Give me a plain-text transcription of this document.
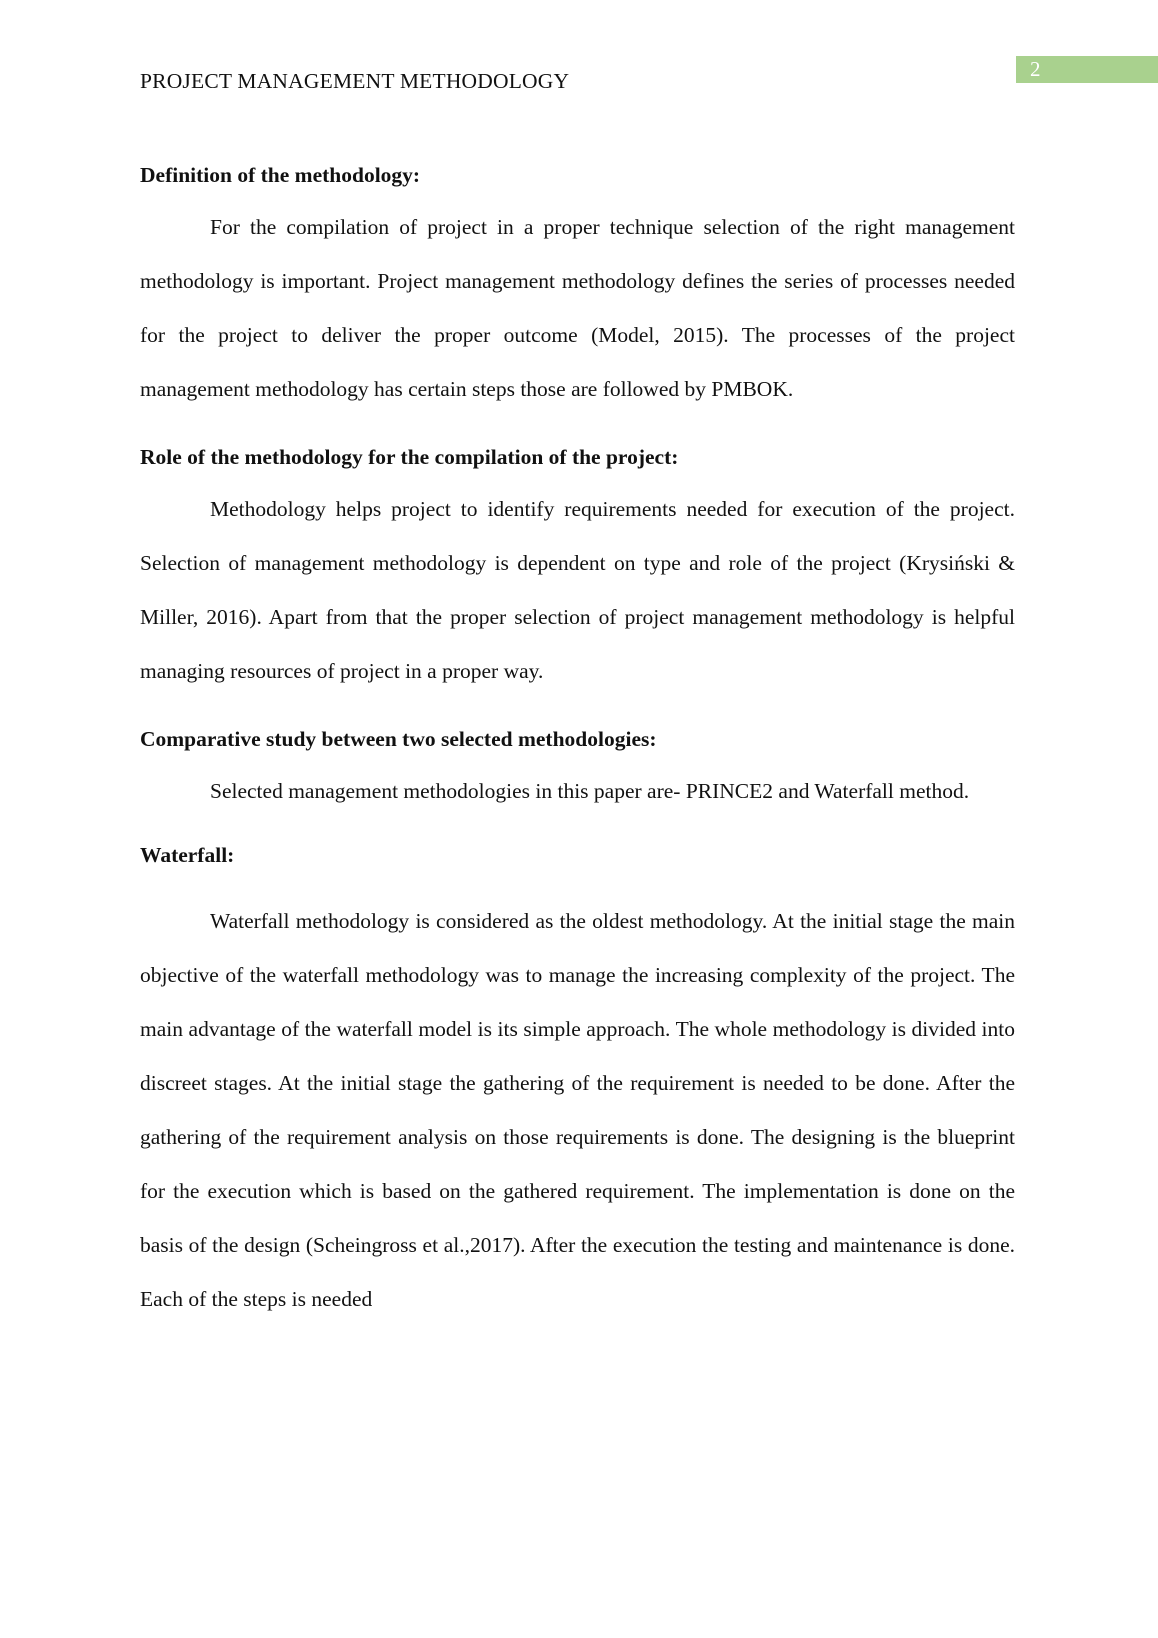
2
PROJECT MANAGEMENT METHODOLOGY

Definition of the methodology:

For the compilation of project in a proper technique selection of the right management methodology is important. Project management methodology defines the series of processes needed for the project to deliver the proper outcome (Model, 2015). The processes of the project management methodology has certain steps those are followed by PMBOK.

Role of the methodology for the compilation of the project:

Methodology helps project to identify requirements needed for execution of the project. Selection of management methodology is dependent on type and role of the project (Krysiński & Miller, 2016). Apart from that the proper selection of project management methodology is helpful managing resources of project in a proper way.

Comparative study between two selected methodologies:

Selected management methodologies in this paper are- PRINCE2 and Waterfall method.

Waterfall:

Waterfall methodology is considered as the oldest methodology. At the initial stage the main objective of the waterfall methodology was to manage the increasing complexity of the project. The main advantage of the waterfall model is its simple approach. The whole methodology is divided into discreet stages. At the initial stage the gathering of the requirement is needed to be done. After the gathering of the requirement analysis on those requirements is done. The designing is the blueprint for the execution which is based on the gathered requirement. The implementation is done on the basis of the design (Scheingross et al.,2017). After the execution the testing and maintenance is done. Each of the steps is needed
